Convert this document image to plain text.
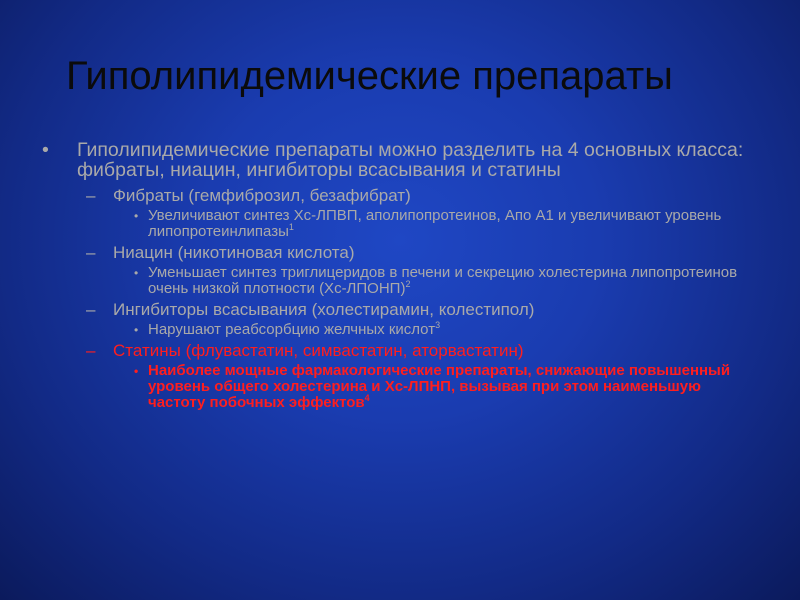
Гиполипидемические препараты
• Гиполипидемические препараты можно разделить на 4 основных класса: фибраты, ниацин, ингибиторы всасывания и статины
– Фибраты (гемфиброзил, безафибрат)
• Увеличивают синтез Хс-ЛПВП, аполипопротеинов, Апо А1 и увеличивают уровень липопротеинлипазы$^1$
– Ниацин (никотиновая кислота)
• Уменьшает синтез триглицеридов в печени и секрецию холестерина липопротеинов очень низкой плотности (Хс-ЛПОНП)$^2$
– Ингибиторы всасывания (холестирамин, колестипол)
• Нарушают реабсорбцию желчных кислот$^3$
– Статины (флувастатин, симвастатин, аторвастатин)
• Наиболее мощные фармакологические препараты, снижающие повышенный уровень общего холестерина и Хс-ЛПНП, вызывая при этом наименьшую частоту побочных эффектов$^4$
